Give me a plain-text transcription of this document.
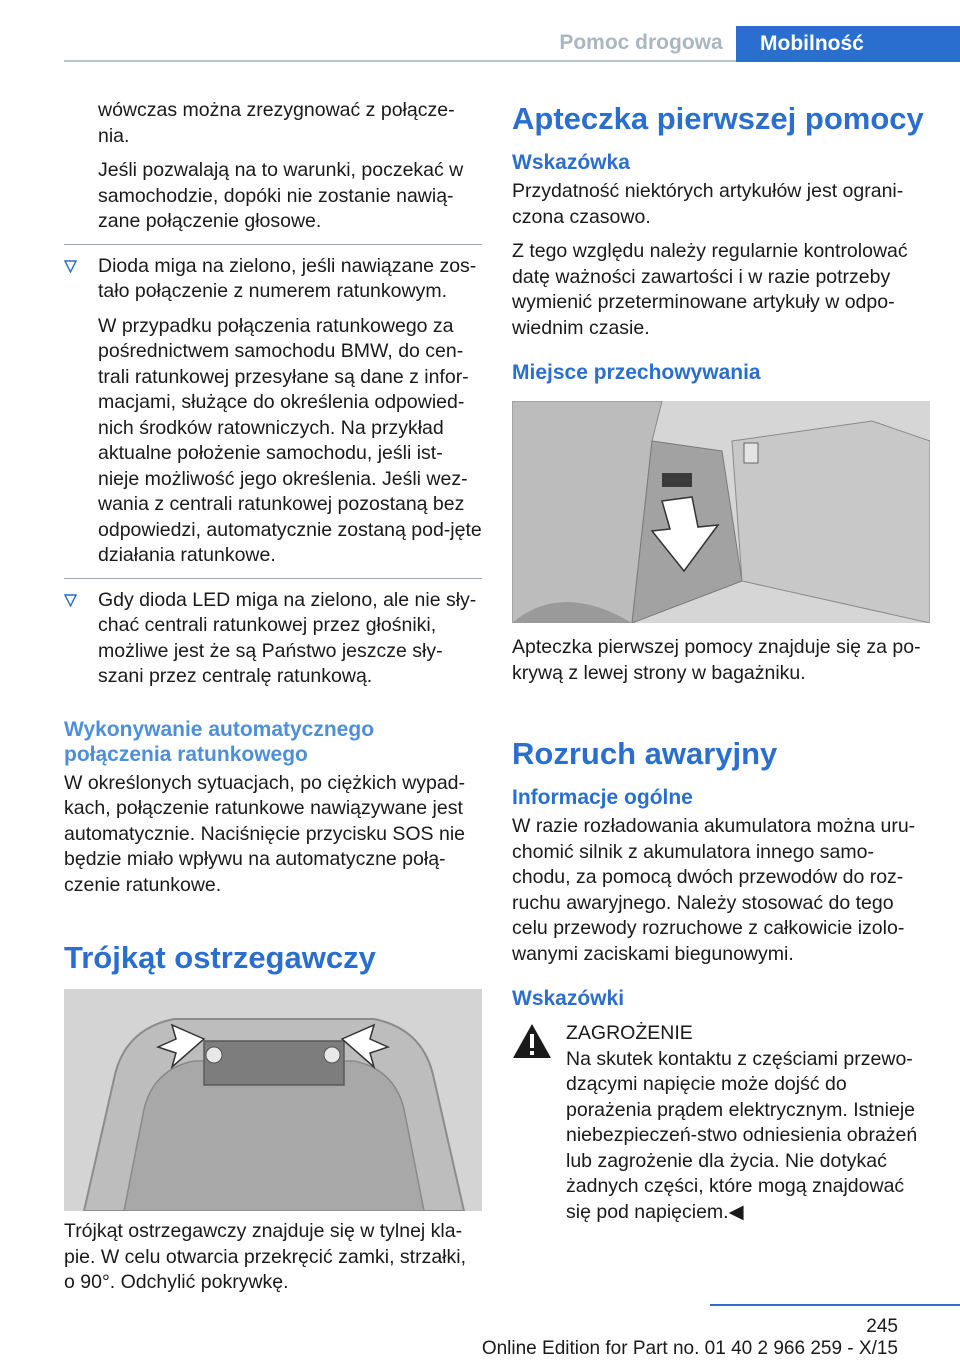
Pomoc drogowa	Mobilność
wówczas można zrezygnować z połącze‐nia.
Jeśli pozwalają na to warunki, poczekać w samochodzie, dopóki nie zostanie nawią‐zane połączenie głosowe.
Dioda miga na zielono, jeśli nawiązane zos‐tało połączenie z numerem ratunkowym.
W przypadku połączenia ratunkowego za pośrednictwem samochodu BMW, do cen‐trali ratunkowej przesyłane są dane z infor‐macjami, służące do określenia odpowied‐nich środków ratowniczych. Na przykład aktualne położenie samochodu, jeśli ist‐nieje możliwość jego określenia. Jeśli wez‐wania z centrali ratunkowej pozostaną bez odpowiedzi, automatycznie zostaną pod‐jęte działania ratunkowe.
Gdy dioda LED miga na zielono, ale nie sły‐chać centrali ratunkowej przez głośniki, możliwe jest że są Państwo jeszcze sły‐szani przez centralę ratunkową.
Wykonywanie automatycznego połączenia ratunkowego
W określonych sytuacjach, po ciężkich wypad‐kach, połączenie ratunkowe nawiązywane jest automatycznie. Naciśnięcie przycisku SOS nie będzie miało wpływu na automatyczne połą‐czenie ratunkowe.
Trójkąt ostrzegawczy
Trójkąt ostrzegawczy znajduje się w tylnej kla‐pie. W celu otwarcia przekręcić zamki, strzałki, o 90°. Odchylić pokrywkę.
Apteczka pierwszej pomocy
Wskazówka
Przydatność niektórych artykułów jest ograni‐czona czasowo.
Z tego względu należy regularnie kontrolować datę ważności zawartości i w razie potrzeby wymienić przeterminowane artykuły w odpo‐wiednim czasie.
Miejsce przechowywania
Apteczka pierwszej pomocy znajduje się za po‐krywą z lewej strony w bagażniku.
Rozruch awaryjny
Informacje ogólne
W razie rozładowania akumulatora można uru‐chomić silnik z akumulatora innego samo‐chodu, za pomocą dwóch przewodów do roz‐ruchu awaryjnego. Należy stosować do tego celu przewody rozruchowe z całkowicie izolo‐wanymi zaciskami biegunowymi.
Wskazówki
ZAGROŻENIE
Na skutek kontaktu z częściami przewo‐dzącymi napięcie może dojść do porażenia prądem elektrycznym. Istnieje niebezpieczeń‐stwo odniesienia obrażeń lub zagrożenie dla życia. Nie dotykać żadnych części, które mogą znajdować się pod napięciem.◀
245
Online Edition for Part no. 01 40 2 966 259 - X/15
